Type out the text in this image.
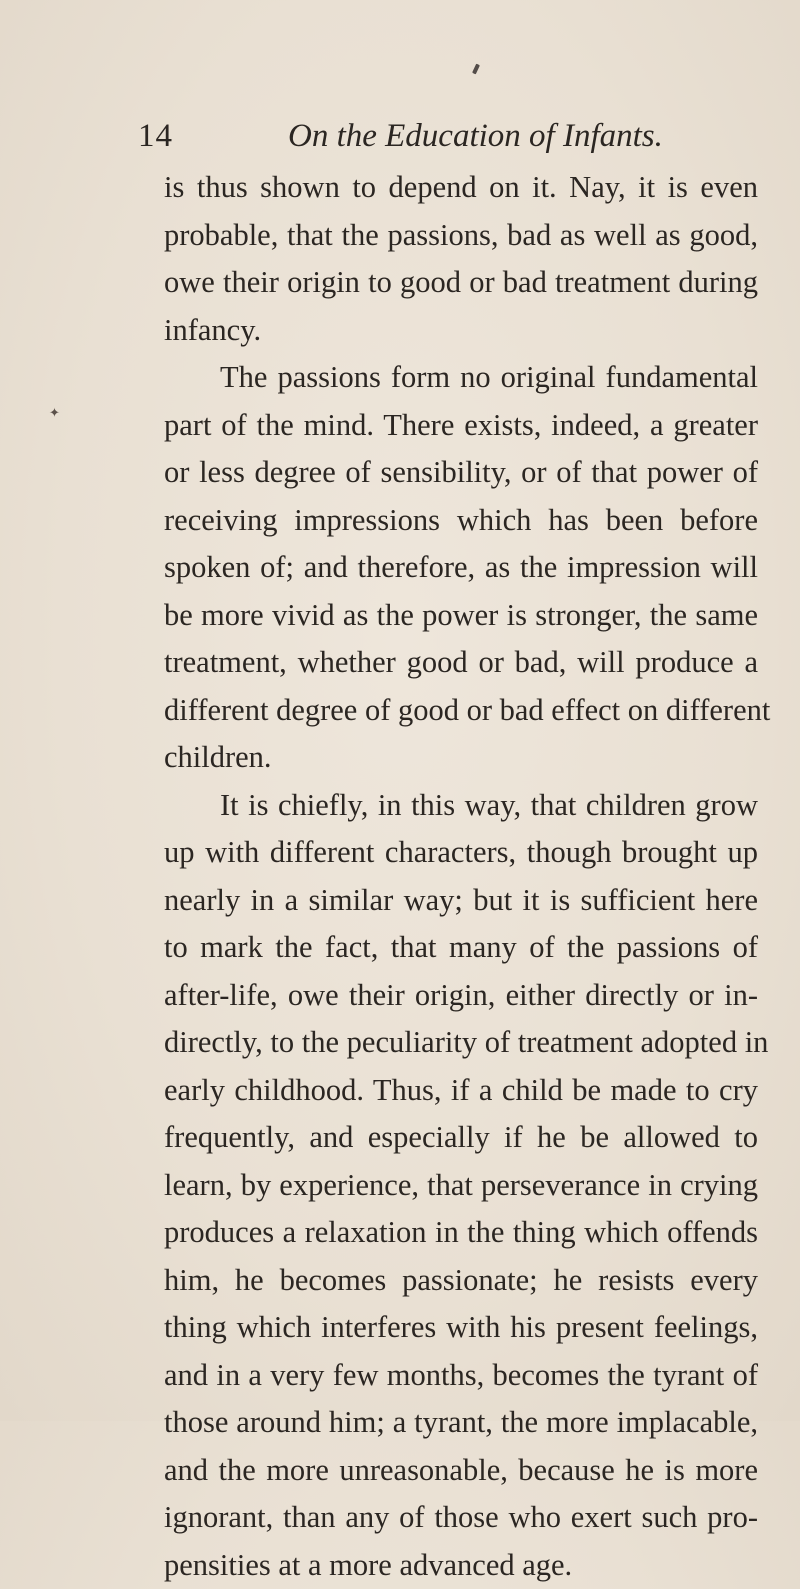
14	On the Education of Infants.
✦
is thus shown to depend on it. Nay, it is even
probable, that the passions, bad as well as good,
owe their origin to good or bad treatment during
infancy.
The passions form no original fundamental
part of the mind. There exists, indeed, a greater
or less degree of sensibility, or of that power of
receiving impressions which has been before
spoken of; and therefore, as the impression will
be more vivid as the power is stronger, the same
treatment, whether good or bad, will produce a
different degree of good or bad effect on different
children.
It is chiefly, in this way, that children grow
up with different characters, though brought up
nearly in a similar way; but it is sufficient here
to mark the fact, that many of the passions of
after-life, owe their origin, either directly or in-
directly, to the peculiarity of treatment adopted in
early childhood. Thus, if a child be made to cry
frequently, and especially if he be allowed to
learn, by experience, that perseverance in crying
produces a relaxation in the thing which offends
him, he becomes passionate; he resists every
thing which interferes with his present feelings,
and in a very few months, becomes the tyrant of
those around him; a tyrant, the more implacable,
and the more unreasonable, because he is more
ignorant, than any of those who exert such pro-
pensities at a more advanced age.
